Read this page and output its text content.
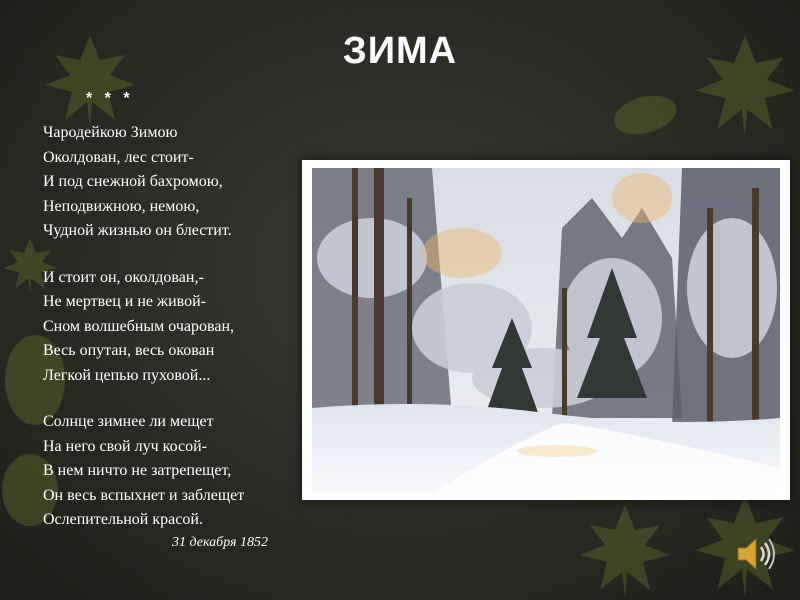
ЗИМА
* * *
Чародейкою Зимою
Околдован, лес стоит-
И под снежной бахромою,
Неподвижною, немою,
Чудной жизнью он блестит.
И стоит он, околдован,-
Не мертвец и не живой-
Сном волшебным очарован,
Весь опутан, весь окован
Легкой цепью пуховой...
Солнце зимнее ли мещет
На него свой луч косой-
В нем ничто не затрепещет,
Он весь вспыхнет и заблещет
Ослепительной красой.
31 декабря 1852
